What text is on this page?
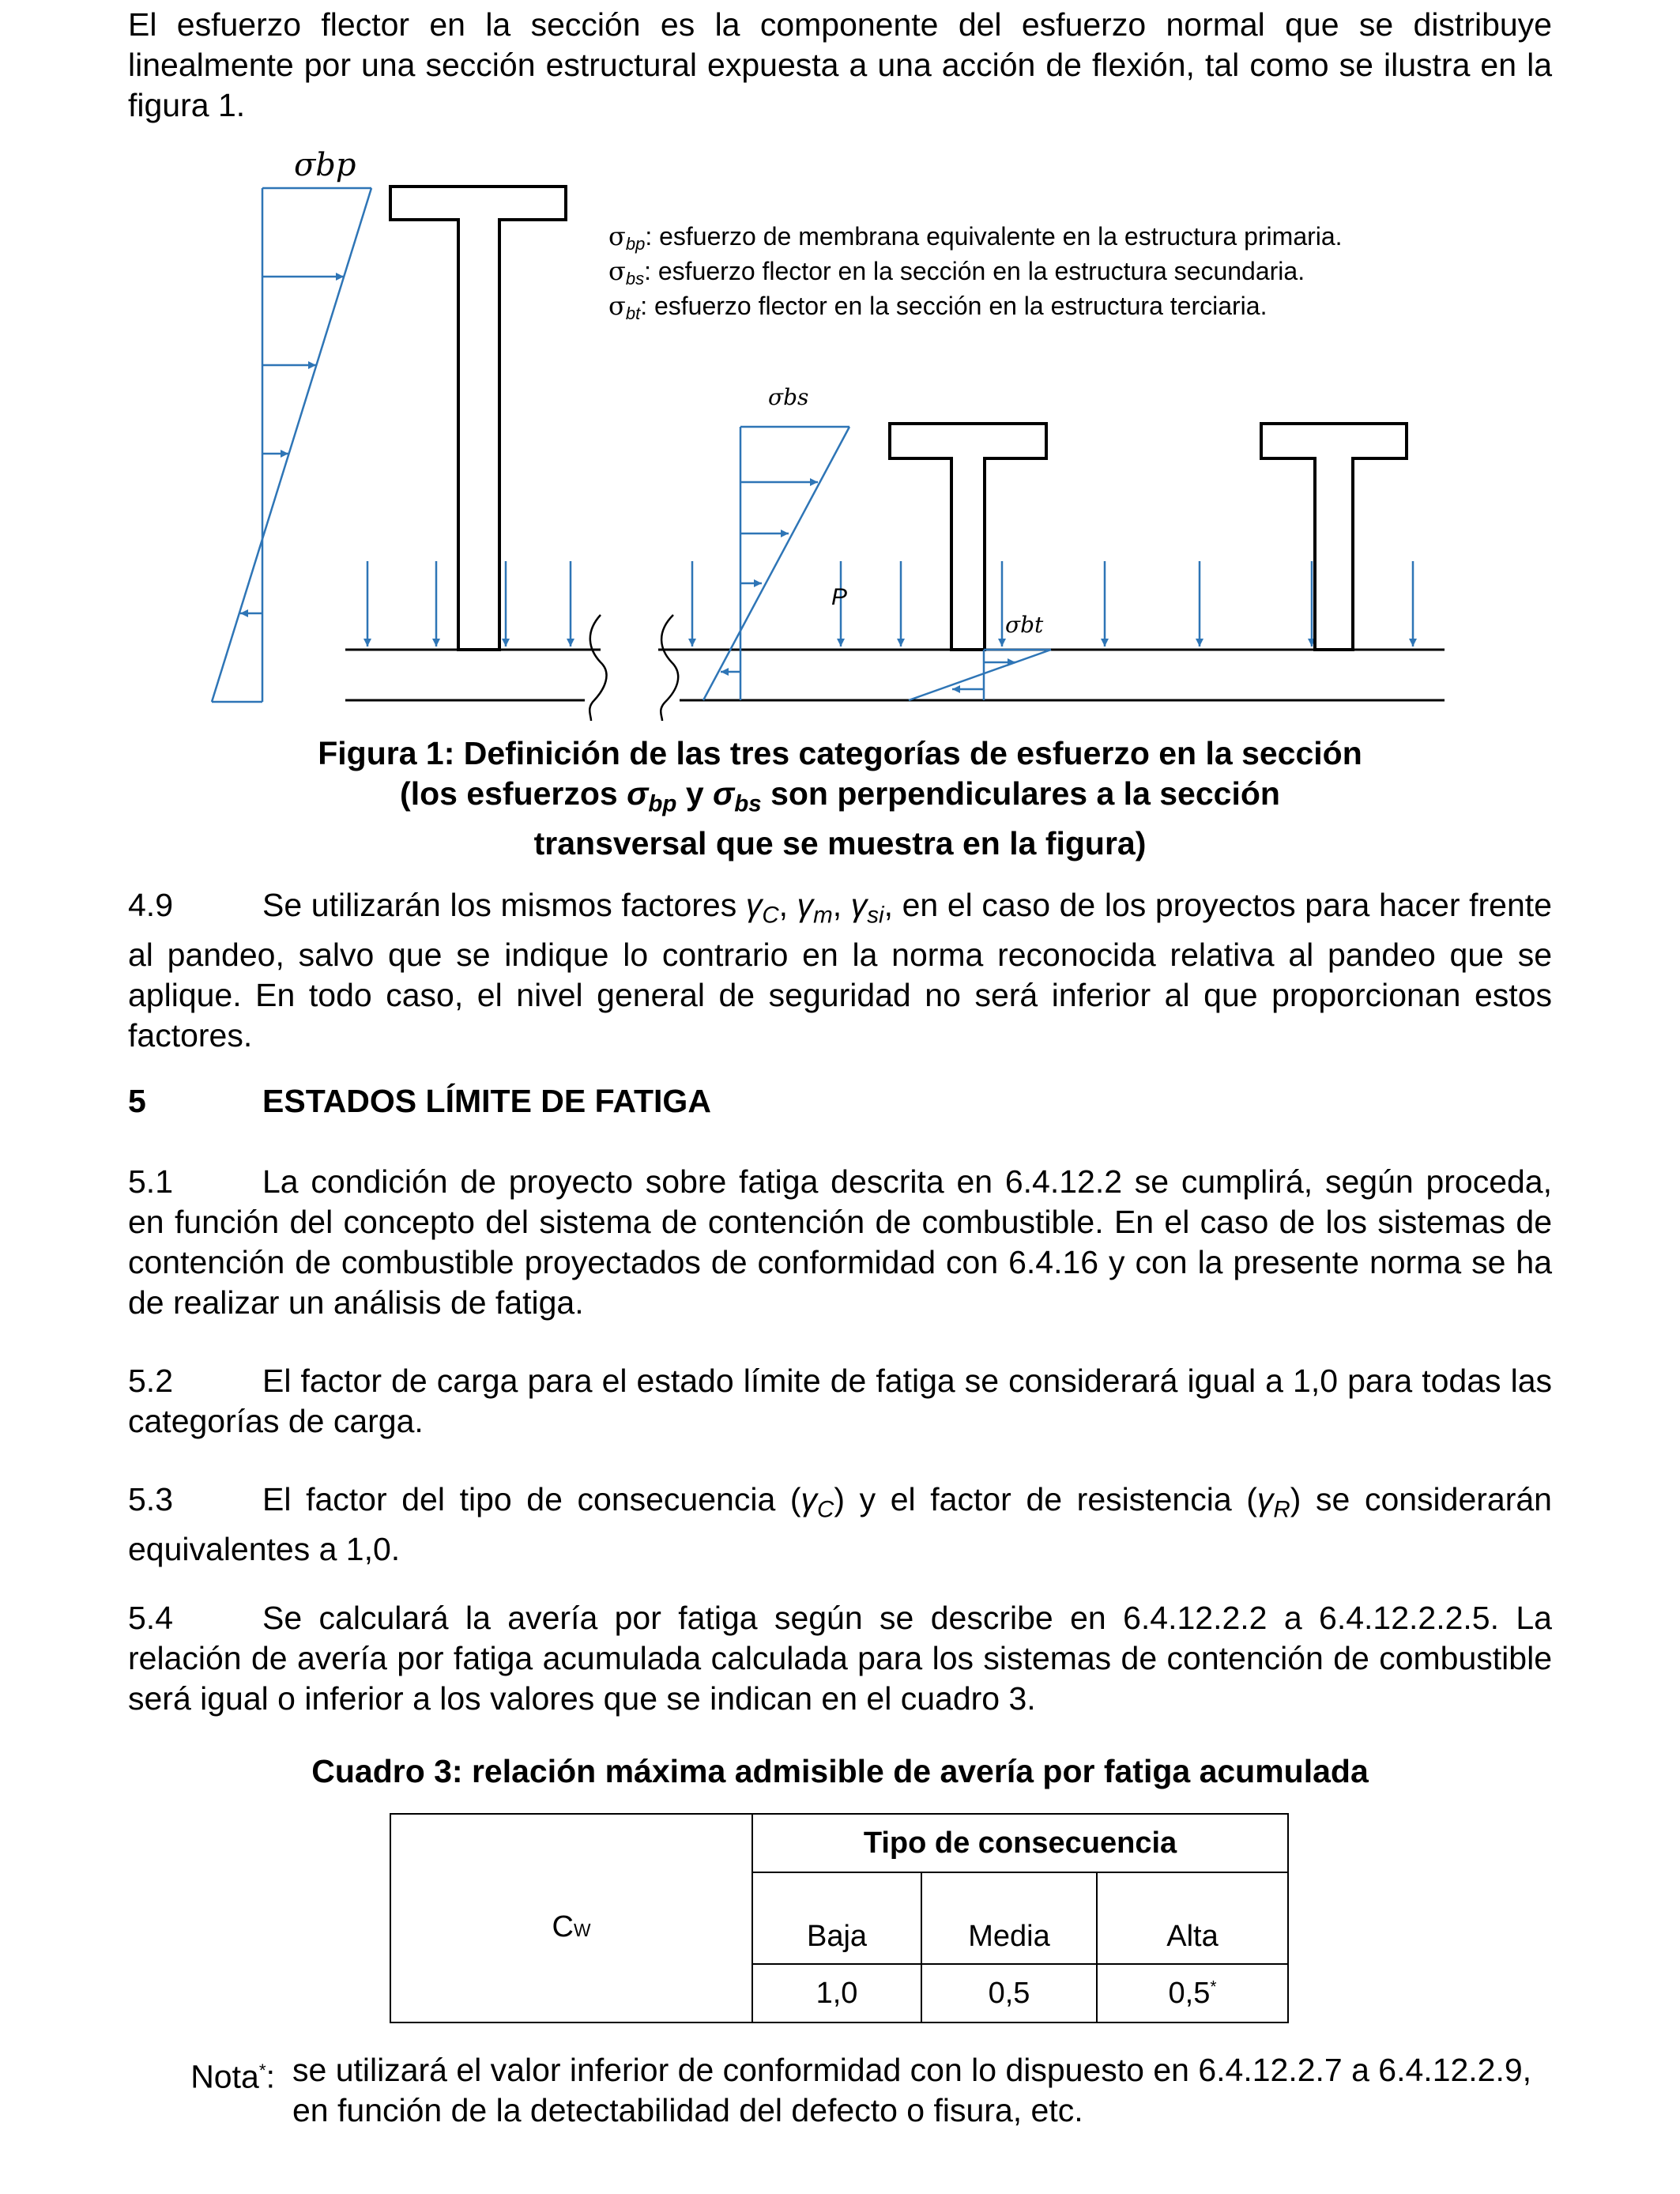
El esfuerzo flector en la sección es la componente del esfuerzo normal que se distribuye linealmente por una sección estructural expuesta a una acción de flexión, tal como se ilustra en la figura 1.

σbp
P
σbs
σbt
σbp: esfuerzo de membrana equivalente en la estructura primaria.
σbs: esfuerzo flector en la sección en la estructura secundaria.
σbt: esfuerzo flector en la sección en la estructura terciaria.

Figura 1: Definición de las tres categorías de esfuerzo en la sección

(los esfuerzos $\sigma_{bp}$ y $\sigma_{bs}$ son perpendiculares a la sección

transversal que se muestra en la figura)

4.9	Se utilizarán los mismos factores $\gamma_C$, $\gamma_m$, $\gamma_{si}$, en el caso de los proyectos para hacer frente al pandeo, salvo que se indique lo contrario en la norma reconocida relativa al pandeo que se aplique. En todo caso, el nivel general de seguridad no será inferior al que proporcionan estos factores.

5	ESTADOS LÍMITE DE FATIGA

5.1	La condición de proyecto sobre fatiga descrita en 6.4.12.2 se cumplirá, según proceda, en función del concepto del sistema de contención de combustible. En el caso de los sistemas de contención de combustible proyectados de conformidad con 6.4.16 y con la presente norma se ha de realizar un análisis de fatiga.

5.2	El factor de carga para el estado límite de fatiga se considerará igual a 1,0 para todas las categorías de carga.

5.3	El factor del tipo de consecuencia $(\gamma_C)$ y el factor de resistencia $(\gamma_R)$ se considerarán equivalentes a 1,0.

5.4	Se calculará la avería por fatiga según se describe en 6.4.12.2.2 a 6.4.12.2.2.5. La relación de avería por fatiga acumulada calculada para los sistemas de contención de combustible será igual o inferior a los valores que se indican en el cuadro 3.

Cuadro 3: relación máxima admisible de avería por fatiga acumulada

	Tipo de consecuencia		
CW	Baja	Media	Alta
	1,0	0,5	0,5*
Nota*: se utilizará el valor inferior de conformidad con lo dispuesto en 6.4.12.2.7 a 6.4.12.2.9, en función de la detectabilidad del defecto o fisura, etc.
